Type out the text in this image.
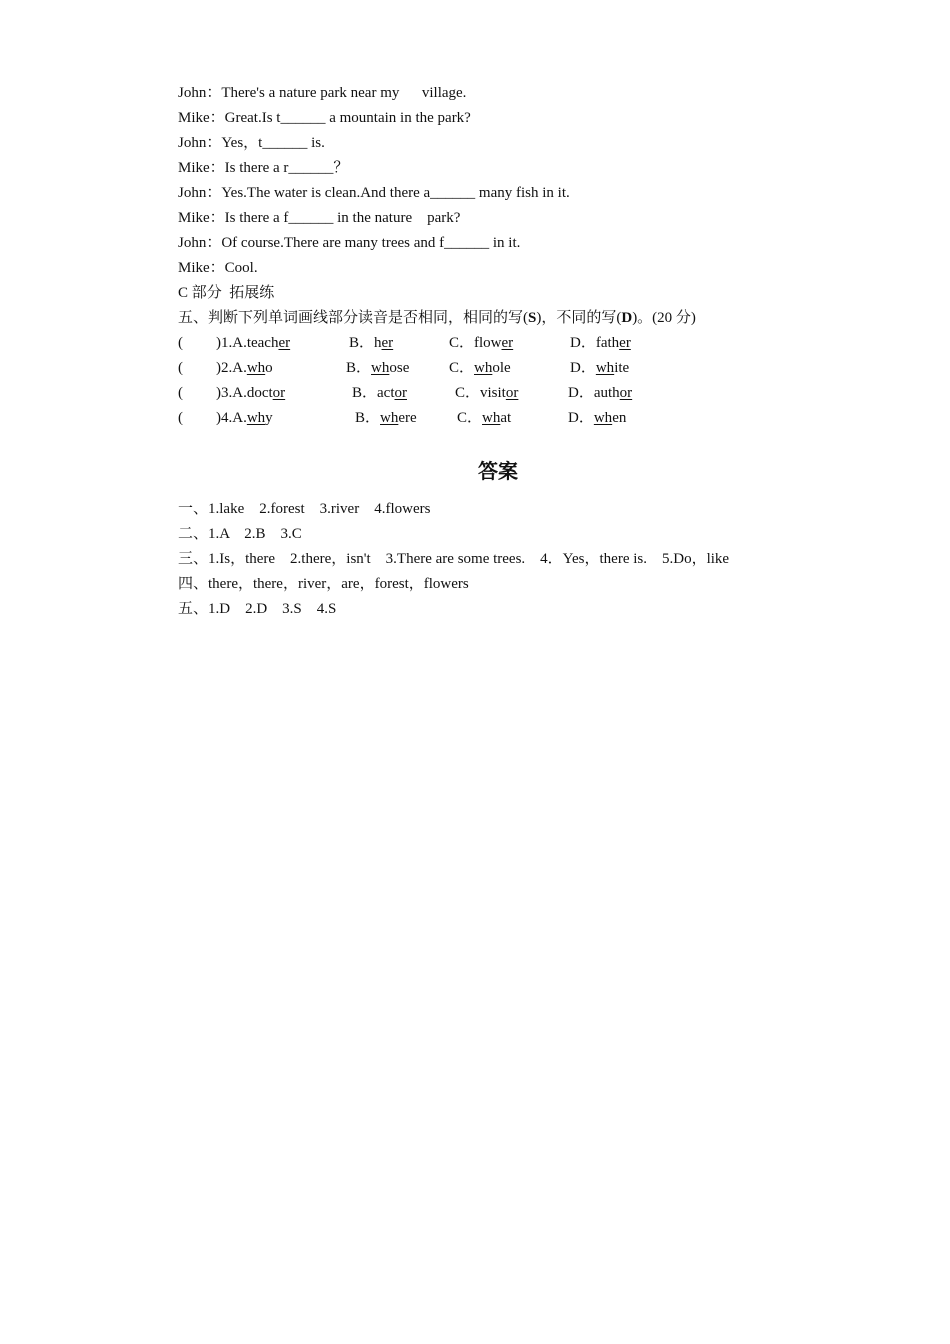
John：There's a nature park near my      village.
Mike：Great.Is t______ a mountain in the park?
John：Yes，t______ is.
Mike：Is there a r______？
John：Yes.The water is clean.And there a______ many fish in it.
Mike：Is there a f______ in the nature    park?
John：Of course.There are many trees and f______ in it.
Mike：Cool.
C 部分  拓展练
五、判断下列单词画线部分读音是否相同，相同的写(S)，不同的写(D)。(20 分)
( )1.A.teacher	B．her	C．flower	D．father
( )2.A.who	B．whose	C．whole	D．white
( )3.A.doctor	B．actor	C．visitor	D．author
( )4.A.why	B．where	C．what	D．when
答案
一、1.lake    2.forest    3.river    4.flowers
二、1.A    2.B    3.C
三、1.Is，there    2.there，isn't    3.There are some trees.    4．Yes，there is.    5.Do，like
四、there，there，river，are，forest，flowers
五、1.D    2.D    3.S    4.S
